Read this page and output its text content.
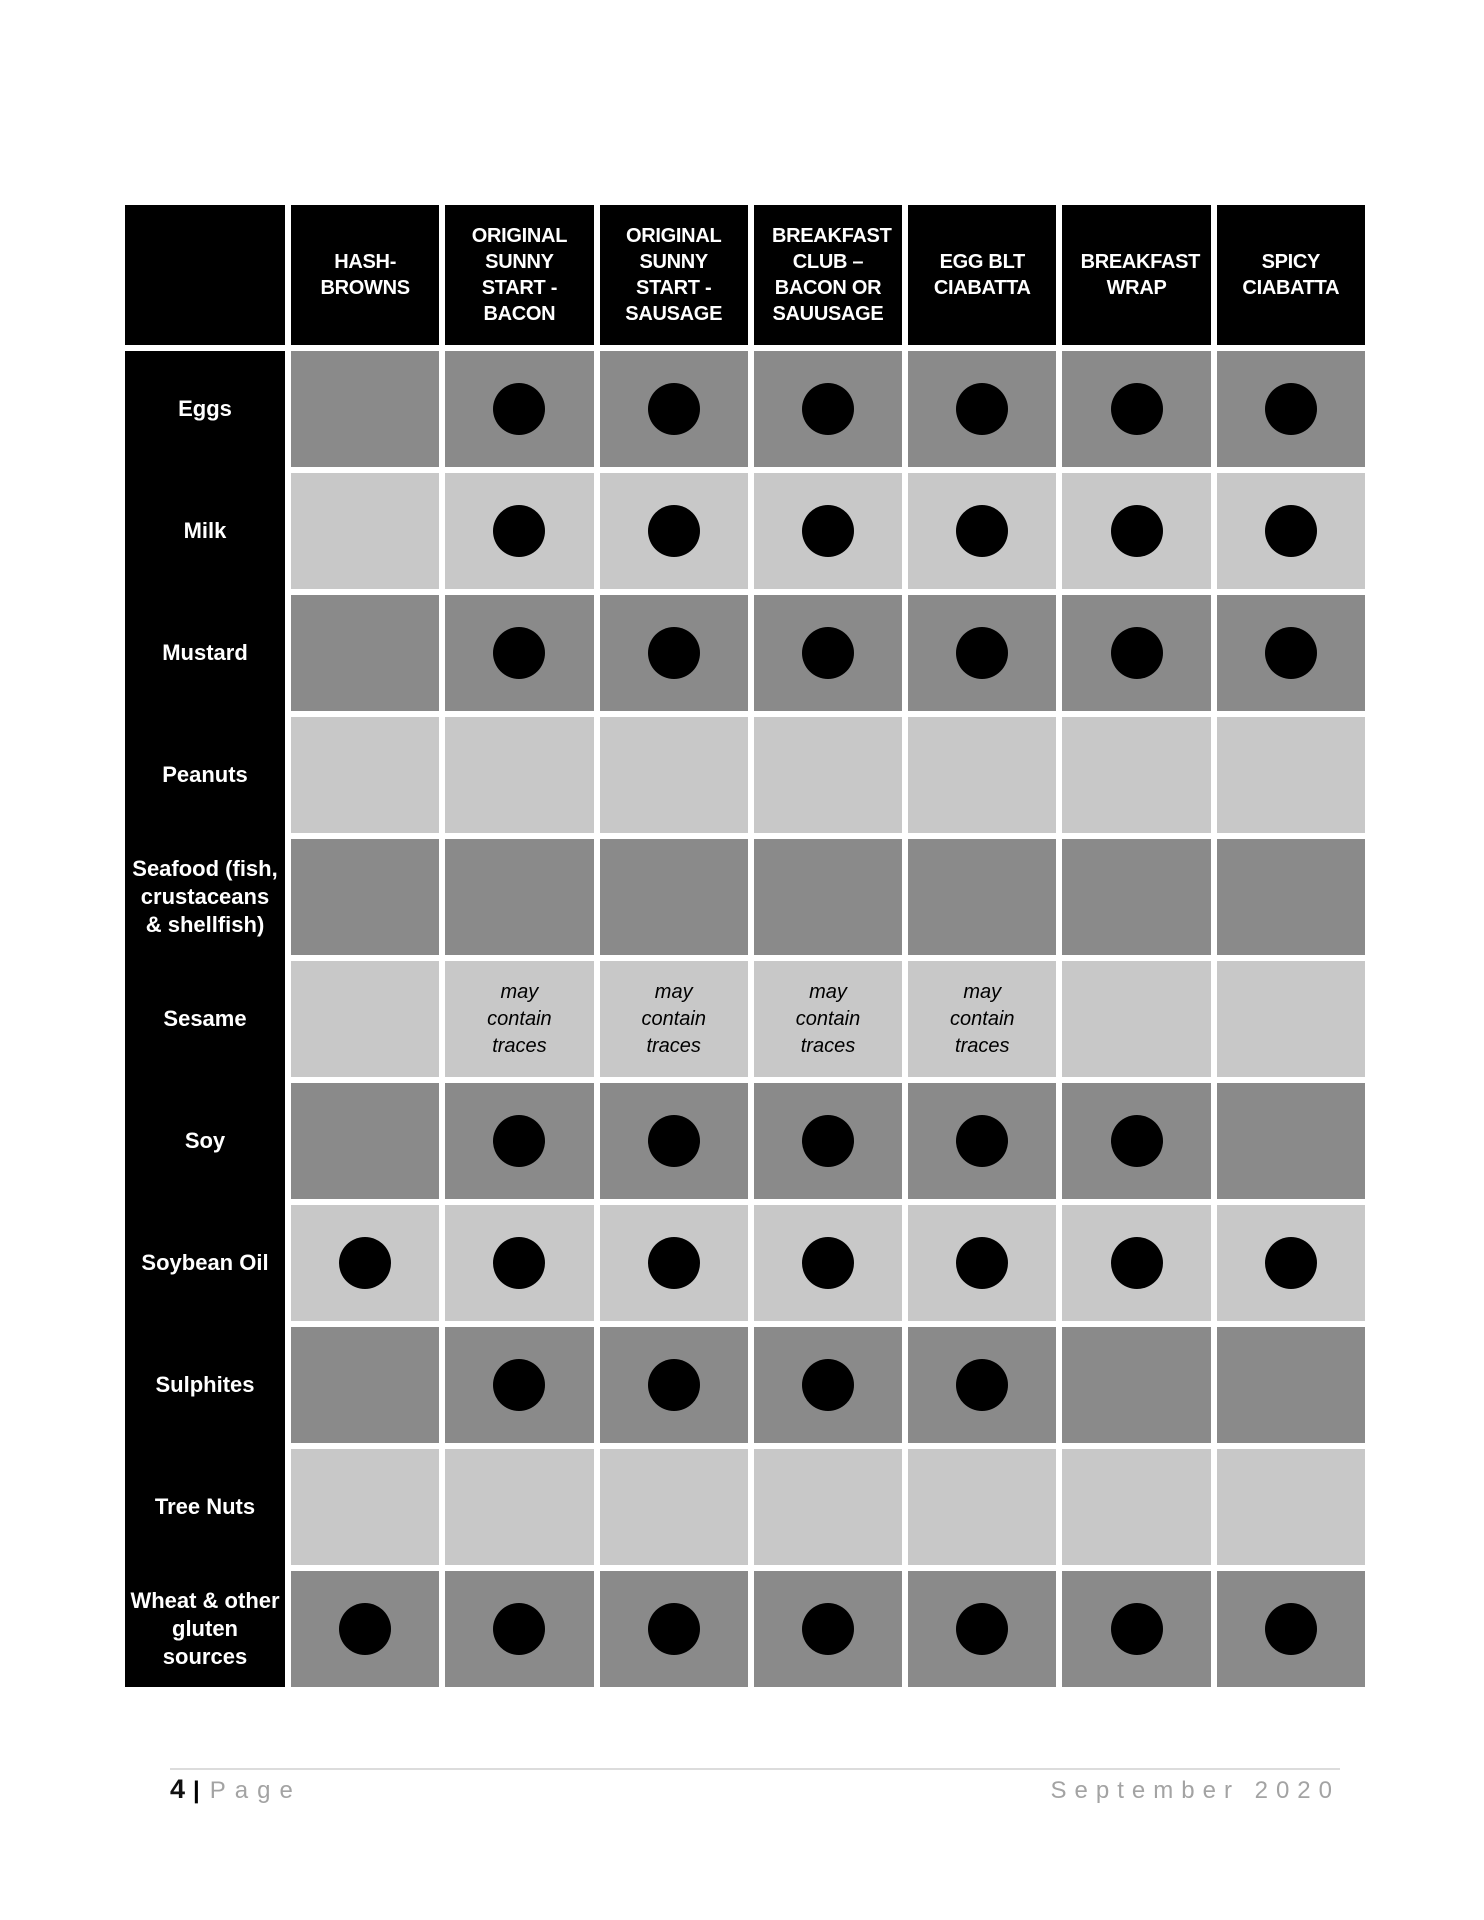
HASH-BROWNS
ORIGINAL SUNNY START - BACON
ORIGINAL SUNNY START - SAUSAGE
BREAKFAST CLUB – BACON OR SAUUSAGE
EGG BLT CIABATTA
BREAKFAST WRAP
SPICY CIABATTA
Eggs
Milk
Mustard
Peanuts
Seafood (fish, crustaceans & shellfish)
Sesame
may contain traces
may contain traces
may contain traces
may contain traces
Soy
Soybean Oil
Sulphites
Tree Nuts
Wheat & other gluten sources
4 | Page	September 2020
